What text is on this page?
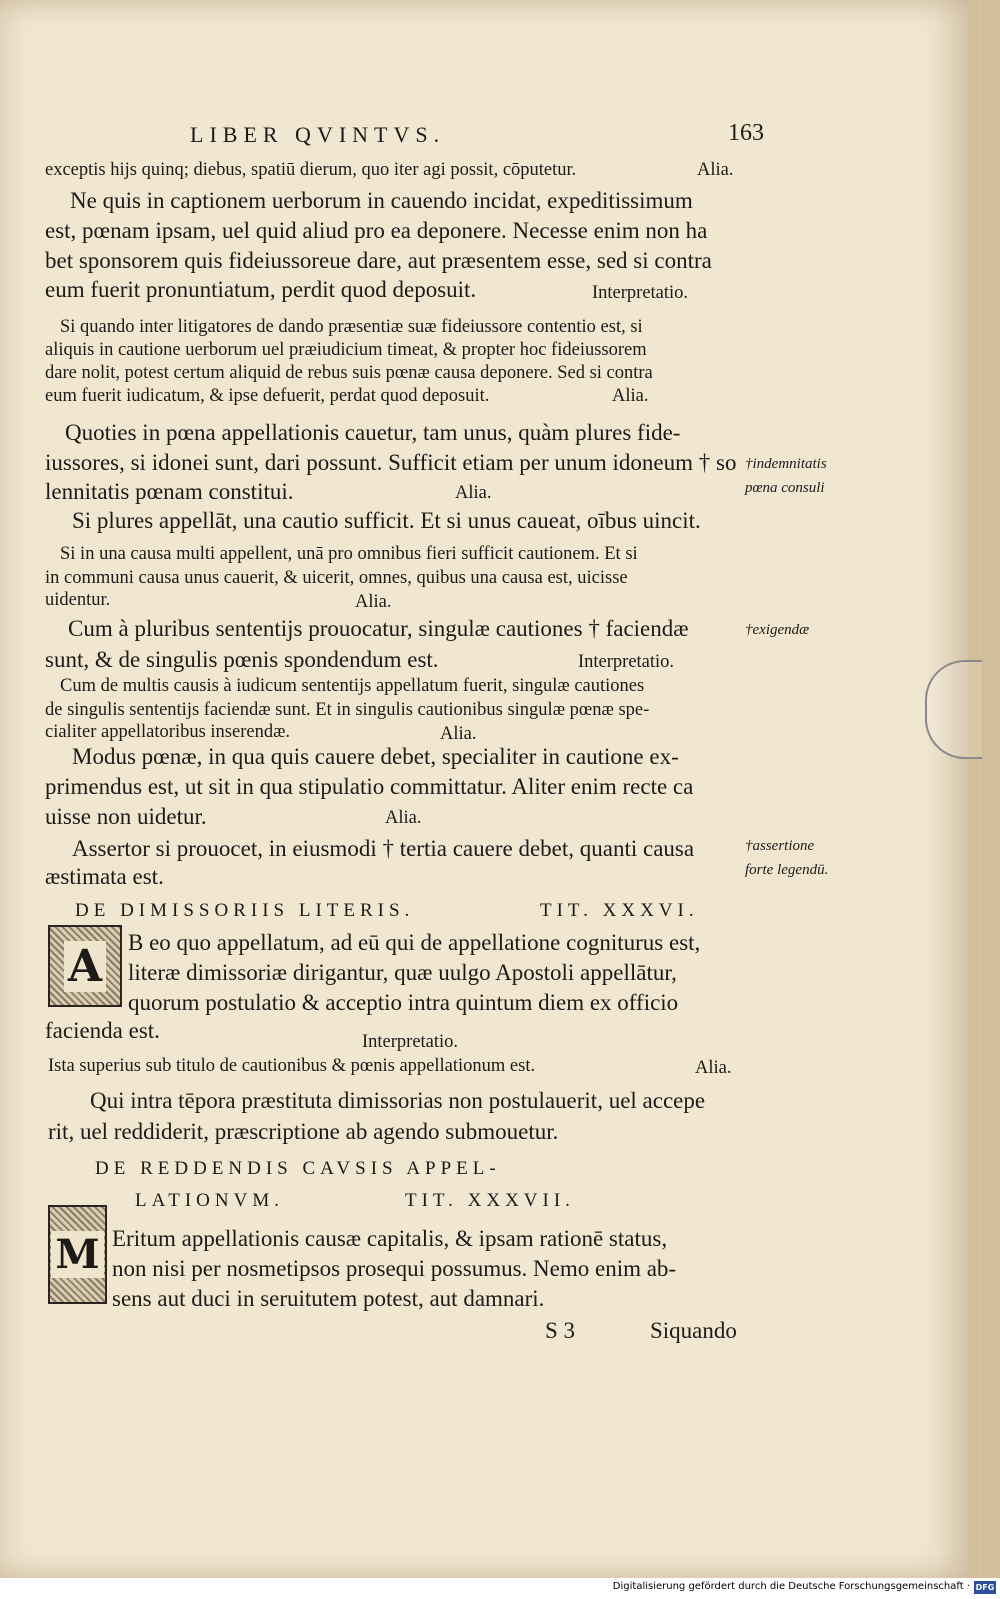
LIBER QVINTVS.	163
exceptis hijs quinq; diebus, spatiū dierum, quo iter agi possit, cōputetur.	Alia.
Ne quis in captionem uerborum in cauendo incidat, expeditissimum
est, pœnam ipsam, uel quid aliud pro ea deponere. Necesse enim non ha
bet sponsorem quis fideiussoreue dare, aut præsentem esse, sed si contra
eum fuerit pronuntiatum, perdit quod deposuit.	Interpretatio.
Si quando inter litigatores de dando præsentiæ suæ fideiussore contentio est, si
aliquis in cautione uerborum uel præiudicium timeat, & propter hoc fideiussorem
dare nolit, potest certum aliquid de rebus suis pœnæ causa deponere. Sed si contra
eum fuerit iudicatum, & ipse defuerit, perdat quod deposuit.	Alia.
Quoties in pœna appellationis cauetur, tam unus, quàm plures fide-
iussores, si idonei sunt, dari possunt. Sufficit etiam per unum idoneum † so
lennitatis pœnam constitui.	Alia.
Si plures appellāt, una cautio sufficit. Et si unus caueat, oībus uincit.
Si in una causa multi appellent, unā pro omnibus fieri sufficit cautionem. Et si
in communi causa unus cauerit, & uicerit, omnes, quibus una causa est, uicisse
uidentur.	Alia.
Cum à pluribus sententijs prouocatur, singulæ cautiones † faciendæ
sunt, & de singulis pœnis spondendum est.	Interpretatio.
Cum de multis causis à iudicum sententijs appellatum fuerit, singulæ cautiones
de singulis sententijs faciendæ sunt. Et in singulis cautionibus singulæ pœnæ spe-
cialiter appellatoribus inserendæ.	Alia.
Modus pœnæ, in qua quis cauere debet, specialiter in cautione ex-
primendus est, ut sit in qua stipulatio committatur. Aliter enim recte ca
uisse non uidetur.	Alia.
Assertor si prouocet, in eiusmodi † tertia cauere debet, quanti causa
æstimata est.
DE DIMISSORIIS LITERIS.	TIT. XXXVI.
A B eo quo appellatum, ad eū qui de appellatione cogniturus est,
literæ dimissoriæ dirigantur, quæ uulgo Apostoli appellātur,
quorum postulatio & acceptio intra quintum diem ex officio
facienda est.	Interpretatio.
Ista superius sub titulo de cautionibus & pœnis appellationum est.	Alia.
Qui intra tēpora præstituta dimissorias non postulauerit, uel accepe
rit, uel reddiderit, præscriptione ab agendo submouetur.
DE REDDENDIS CAVSIS APPEL-
LATIONVM.	TIT. XXXVII.
M Eritum appellationis causæ capitalis, & ipsam rationē status,
non nisi per nosmetipsos prosequi possumus. Nemo enim ab-
sens aut duci in seruitutem potest, aut damnari.
S 3	Siquando
†indemnitatis
pœna consuli
†exigendæ
†assertione
forte legendū.
Digitalisierung gefördert durch die Deutsche Forschungsgemeinschaft · DFG
